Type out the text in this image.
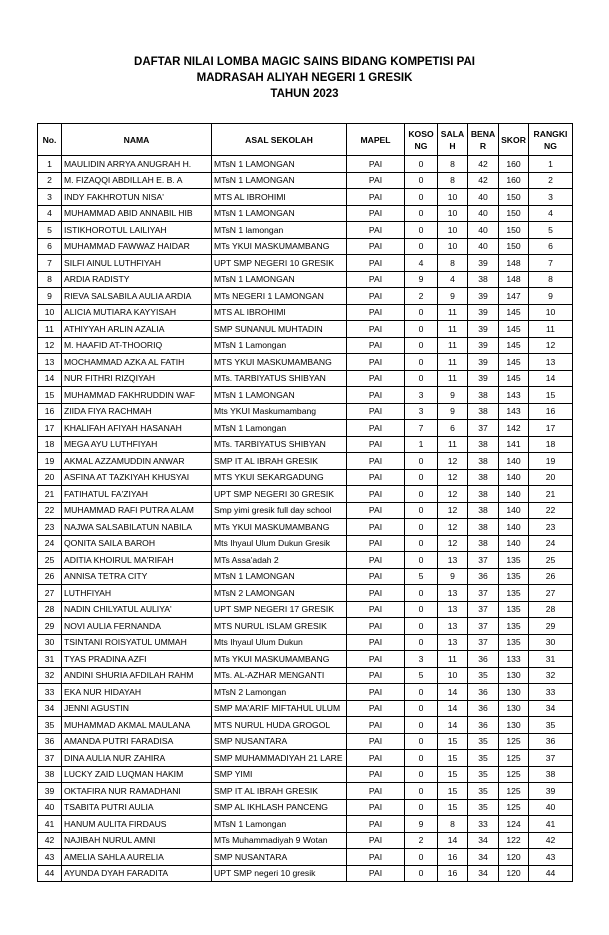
DAFTAR NILAI LOMBA MAGIC SAINS BIDANG KOMPETISI PAI
MADRASAH ALIYAH NEGERI 1 GRESIK
TAHUN 2023
No.	NAMA	ASAL SEKOLAH	MAPEL	KOSO NG	SALA H	BENA R	SKOR	RANGKI NG
1	MAULIDIN ARRYA ANUGRAH H.	MTsN 1 LAMONGAN	PAI	0	8	42	160	1
2	M. FIZAQQI ABDILLAH E. B. A	MTsN 1 LAMONGAN	PAI	0	8	42	160	2
3	INDY FAKHROTUN NISA'	MTS AL IBROHIMI	PAI	0	10	40	150	3
4	MUHAMMAD ABID ANNABIL HIB	MTsN 1 LAMONGAN	PAI	0	10	40	150	4
5	ISTIKHOROTUL LAILIYAH	MTsN 1 lamongan	PAI	0	10	40	150	5
6	MUHAMMAD FAWWAZ HAIDAR	MTs YKUI MASKUMAMBANG	PAI	0	10	40	150	6
7	SILFI AINUL LUTHFIYAH	UPT SMP NEGERI 10 GRESIK	PAI	4	8	39	148	7
8	ARDIA RADISTY	MTsN 1 LAMONGAN	PAI	9	4	38	148	8
9	RIEVA SALSABILA AULIA ARDIA	MTs NEGERI 1 LAMONGAN	PAI	2	9	39	147	9
10	ALICIA MUTIARA KAYYISAH	MTS AL IBROHIMI	PAI	0	11	39	145	10
11	ATHIYYAH ARLIN AZALIA	SMP SUNANUL MUHTADIN	PAI	0	11	39	145	11
12	M. HAAFID AT-THOORIQ	MTsN 1 Lamongan	PAI	0	11	39	145	12
13	MOCHAMMAD AZKA AL FATIH	MTS YKUI MASKUMAMBANG	PAI	0	11	39	145	13
14	NUR FITHRI RIZQIYAH	MTs. TARBIYATUS SHIBYAN	PAI	0	11	39	145	14
15	MUHAMMAD FAKHRUDDIN WAF	MTsN 1 LAMONGAN	PAI	3	9	38	143	15
16	ZIIDA FIYA RACHMAH	Mts YKUI Maskumambang	PAI	3	9	38	143	16
17	KHALIFAH AFIYAH HASANAH	MTsN 1 Lamongan	PAI	7	6	37	142	17
18	MEGA AYU LUTHFIYAH	MTs. TARBIYATUS SHIBYAN	PAI	1	11	38	141	18
19	AKMAL AZZAMUDDIN ANWAR	SMP IT AL IBRAH GRESIK	PAI	0	12	38	140	19
20	ASFINA AT TAZKIYAH KHUSYAI	MTS YKUI SEKARGADUNG	PAI	0	12	38	140	20
21	FATIHATUL FA'ZIYAH	UPT SMP NEGERI 30 GRESIK	PAI	0	12	38	140	21
22	MUHAMMAD RAFI PUTRA ALAM	Smp yimi gresik full day school	PAI	0	12	38	140	22
23	NAJWA SALSABILATUN NABILA	MTs YKUI MASKUMAMBANG	PAI	0	12	38	140	23
24	QONITA SAILA BAROH	Mts Ihyaul Ulum Dukun Gresik	PAI	0	12	38	140	24
25	ADITIA KHOIRUL MA'RIFAH	MTs Assa'adah 2	PAI	0	13	37	135	25
26	ANNISA TETRA CITY	MTsN 1 LAMONGAN	PAI	5	9	36	135	26
27	LUTHFIYAH	MTsN 2 LAMONGAN	PAI	0	13	37	135	27
28	NADIN CHILYATUL AULIYA'	UPT SMP NEGERI 17 GRESIK	PAI	0	13	37	135	28
29	NOVI AULIA FERNANDA	MTS NURUL ISLAM GRESIK	PAI	0	13	37	135	29
30	TSINTANI ROISYATUL UMMAH	Mts Ihyaul Ulum Dukun	PAI	0	13	37	135	30
31	TYAS PRADINA AZFI	MTs YKUI MASKUMAMBANG	PAI	3	11	36	133	31
32	ANDINI SHURIA AFDILAH RAHM	MTs. AL-AZHAR MENGANTI	PAI	5	10	35	130	32
33	EKA NUR HIDAYAH	MTsN 2 Lamongan	PAI	0	14	36	130	33
34	JENNI AGUSTIN	SMP MA'ARIF MIFTAHUL ULUM	PAI	0	14	36	130	34
35	MUHAMMAD AKMAL MAULANA	MTS NURUL HUDA GROGOL	PAI	0	14	36	130	35
36	AMANDA PUTRI FARADISA	SMP NUSANTARA	PAI	0	15	35	125	36
37	DINA AULIA NUR ZAHIRA	SMP MUHAMMADIYAH 21 LARE	PAI	0	15	35	125	37
38	LUCKY ZAID LUQMAN HAKIM	SMP YIMI	PAI	0	15	35	125	38
39	OKTAFIRA NUR RAMADHANI	SMP IT AL IBRAH GRESIK	PAI	0	15	35	125	39
40	TSABITA PUTRI AULIA	SMP AL IKHLASH PANCENG	PAI	0	15	35	125	40
41	HANUM AULITA FIRDAUS	MTsN 1 Lamongan	PAI	9	8	33	124	41
42	NAJIBAH NURUL AMNI	MTs Muhammadiyah 9 Wotan	PAI	2	14	34	122	42
43	AMELIA SAHLA AURELIA	SMP NUSANTARA	PAI	0	16	34	120	43
44	AYUNDA DYAH FARADITA	UPT SMP negeri 10 gresik	PAI	0	16	34	120	44
